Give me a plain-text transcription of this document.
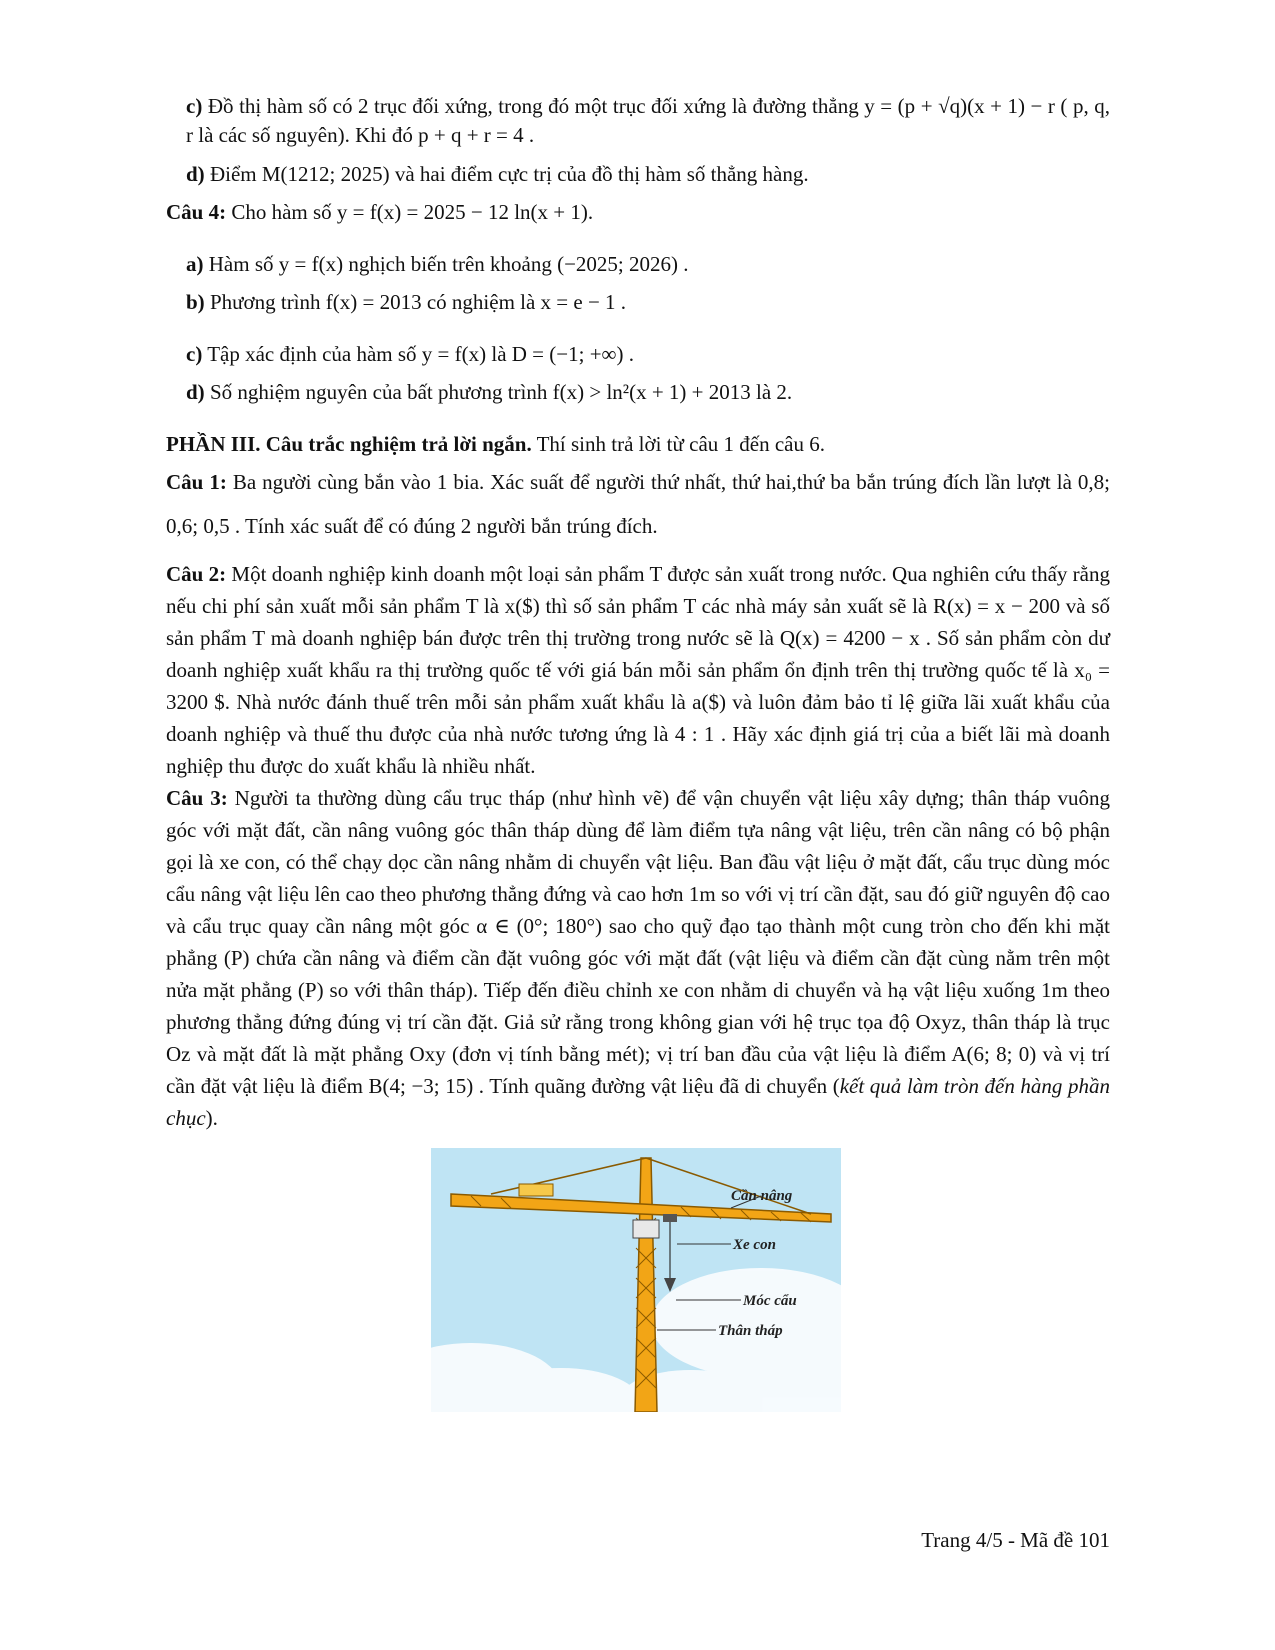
c) Đồ thị hàm số có 2 trục đối xứng, trong đó một trục đối xứng là đường thẳng y = (p + √q)(x + 1) − r ( p, q, r là các số nguyên). Khi đó p + q + r = 4 .

d) Điểm M(1212; 2025) và hai điểm cực trị của đồ thị hàm số thẳng hàng.

Câu 4: Cho hàm số y = f(x) = 2025 − 12 ln(x + 1).

a) Hàm số y = f(x) nghịch biến trên khoảng (−2025; 2026) .

b) Phương trình f(x) = 2013 có nghiệm là x = e − 1 .

c) Tập xác định của hàm số y = f(x) là D = (−1; +∞) .

d) Số nghiệm nguyên của bất phương trình f(x) > ln²(x + 1) + 2013 là 2.

PHẦN III. Câu trắc nghiệm trả lời ngắn. Thí sinh trả lời từ câu 1 đến câu 6.

Câu 1: Ba người cùng bắn vào 1 bia. Xác suất để người thứ nhất, thứ hai,thứ ba bắn trúng đích lần lượt là 0,8; 0,6; 0,5 . Tính xác suất để có đúng 2 người bắn trúng đích.

Câu 2: Một doanh nghiệp kinh doanh một loại sản phẩm T được sản xuất trong nước. Qua nghiên cứu thấy rằng nếu chi phí sản xuất mỗi sản phẩm T là x($) thì số sản phẩm T các nhà máy sản xuất sẽ là R(x) = x − 200 và số sản phẩm T mà doanh nghiệp bán được trên thị trường trong nước sẽ là Q(x) = 4200 − x . Số sản phẩm còn dư doanh nghiệp xuất khẩu ra thị trường quốc tế với giá bán mỗi sản phẩm ổn định trên thị trường quốc tế là x₀ = 3200 $. Nhà nước đánh thuế trên mỗi sản phẩm xuất khẩu là a($) và luôn đảm bảo tỉ lệ giữa lãi xuất khẩu của doanh nghiệp và thuế thu được của nhà nước tương ứng là 4 : 1 . Hãy xác định giá trị của a biết lãi mà doanh nghiệp thu được do xuất khẩu là nhiều nhất.

Câu 3: Người ta thường dùng cẩu trục tháp (như hình vẽ) để vận chuyển vật liệu xây dựng; thân tháp vuông góc với mặt đất, cần nâng vuông góc thân tháp dùng để làm điểm tựa nâng vật liệu, trên cần nâng có bộ phận gọi là xe con, có thể chạy dọc cần nâng nhằm di chuyển vật liệu. Ban đầu vật liệu ở mặt đất, cẩu trục dùng móc cẩu nâng vật liệu lên cao theo phương thẳng đứng và cao hơn 1m so với vị trí cần đặt, sau đó giữ nguyên độ cao và cẩu trục quay cần nâng một góc α ∈ (0°; 180°) sao cho quỹ đạo tạo thành một cung tròn cho đến khi mặt phẳng (P) chứa cần nâng và điểm cần đặt vuông góc với mặt đất (vật liệu và điểm cần đặt cùng nằm trên một nửa mặt phẳng (P) so với thân tháp). Tiếp đến điều chỉnh xe con nhằm di chuyển và hạ vật liệu xuống 1m theo phương thẳng đứng đúng vị trí cần đặt. Giả sử rằng trong không gian với hệ trục tọa độ Oxyz, thân tháp là trục Oz và mặt đất là mặt phẳng Oxy (đơn vị tính bằng mét); vị trí ban đầu của vật liệu là điểm A(6; 8; 0) và vị trí cần đặt vật liệu là điểm B(4; −3; 15) . Tính quãng đường vật liệu đã di chuyển (kết quả làm tròn đến hàng phần chục).

Cần nâng
Xe con
Móc cẩu
Thân tháp
Trang 4/5 - Mã đề 101
